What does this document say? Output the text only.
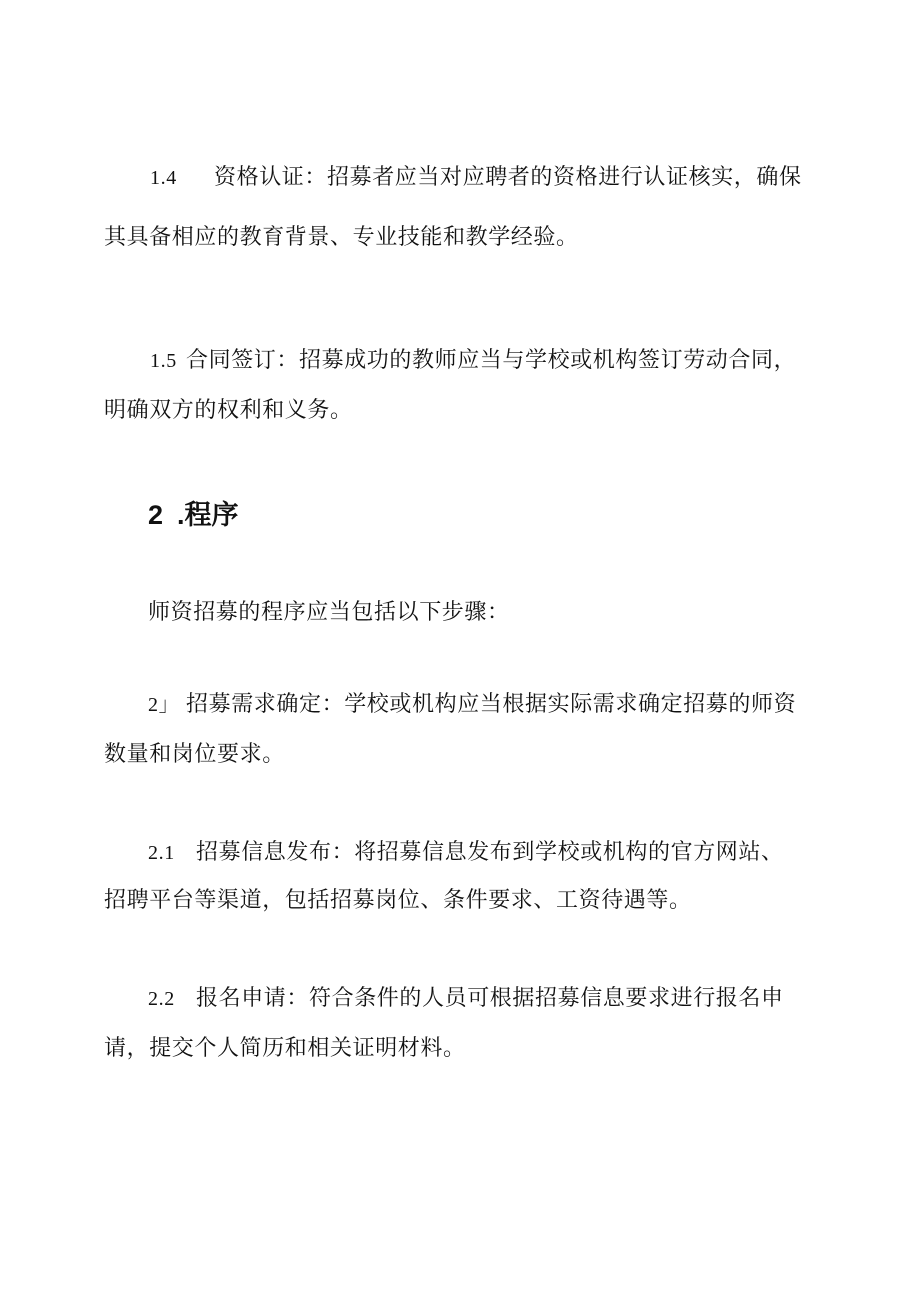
1.4 资格认证：招募者应当对应聘者的资格进行认证核实，确保
其具备相应的教育背景、专业技能和教学经验。
1.5 合同签订：招募成功的教师应当与学校或机构签订劳动合同，
明确双方的权利和义务。
2 .程序
师资招募的程序应当包括以下步骤：
2」 招募需求确定：学校或机构应当根据实际需求确定招募的师资
数量和岗位要求。
2.1 招募信息发布：将招募信息发布到学校或机构的官方网站、
招聘平台等渠道，包括招募岗位、条件要求、工资待遇等。
2.2 报名申请：符合条件的人员可根据招募信息要求进行报名申
请，提交个人简历和相关证明材料。
